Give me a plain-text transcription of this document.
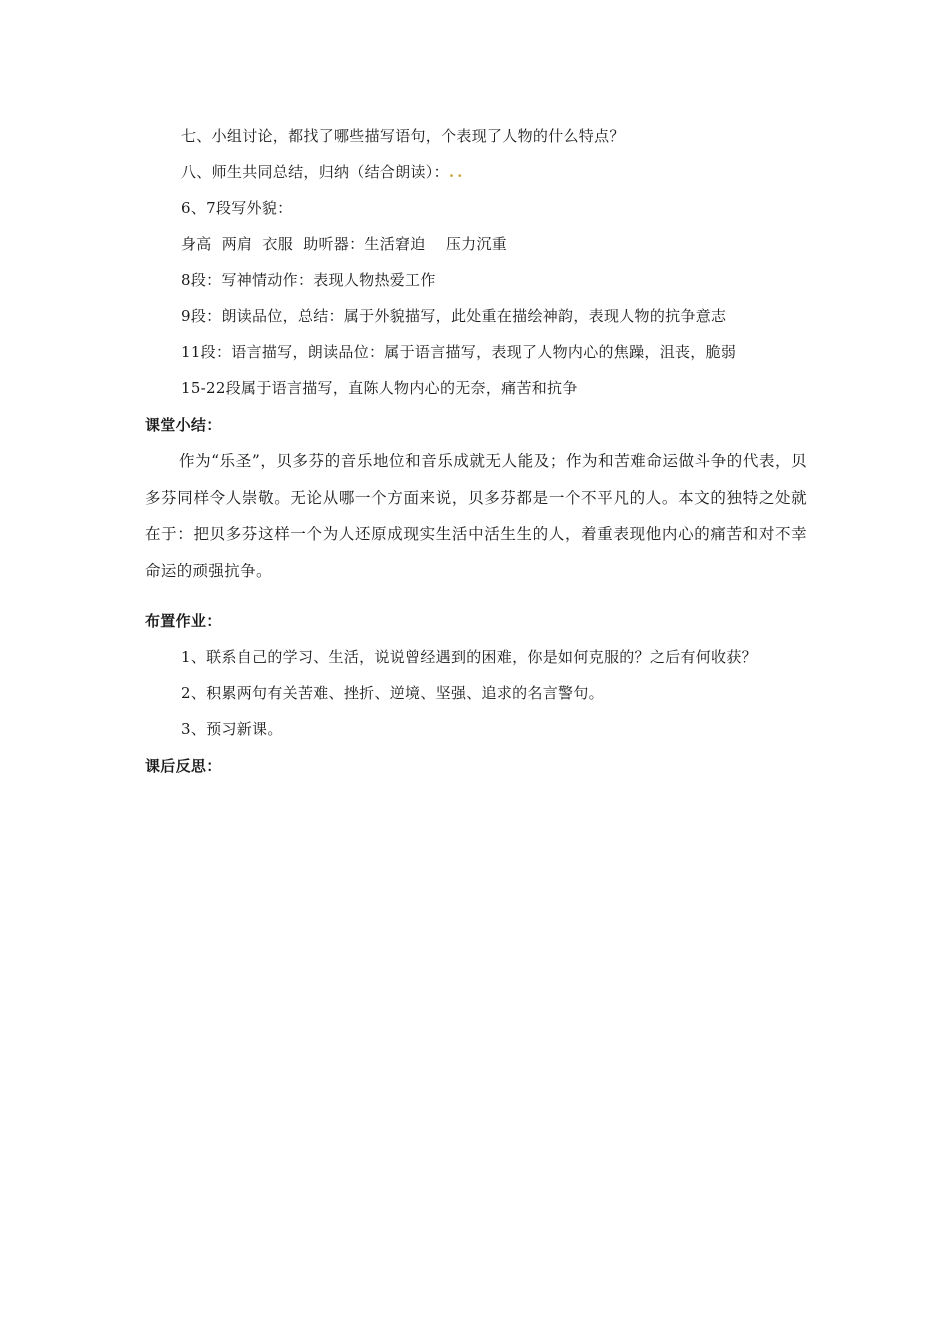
七、小组讨论，都找了哪些描写语句，个表现了人物的什么特点？
八、师生共同总结，归纳（结合朗读）：..
6、7段写外貌：
身高  两肩  衣服  助听器：生活窘迫    压力沉重
8段：写神情动作：表现人物热爱工作
9段：朗读品位，总结：属于外貌描写，此处重在描绘神韵，表现人物的抗争意志
11段：语言描写，朗读品位：属于语言描写，表现了人物内心的焦躁，沮丧，脆弱
15-22段属于语言描写，直陈人物内心的无奈，痛苦和抗争
课堂小结：
作为“乐圣”，贝多芬的音乐地位和音乐成就无人能及；作为和苦难命运做斗争的代表，贝多芬同样令人崇敬。无论从哪一个方面来说，贝多芬都是一个不平凡的人。本文的独特之处就在于：把贝多芬这样一个为人还原成现实生活中活生生的人，着重表现他内心的痛苦和对不幸命运的顽强抗争。
布置作业：
1、联系自己的学习、生活，说说曾经遇到的困难，你是如何克服的？之后有何收获？
2、积累两句有关苦难、挫折、逆境、坚强、追求的名言警句。
3、预习新课。
课后反思：
